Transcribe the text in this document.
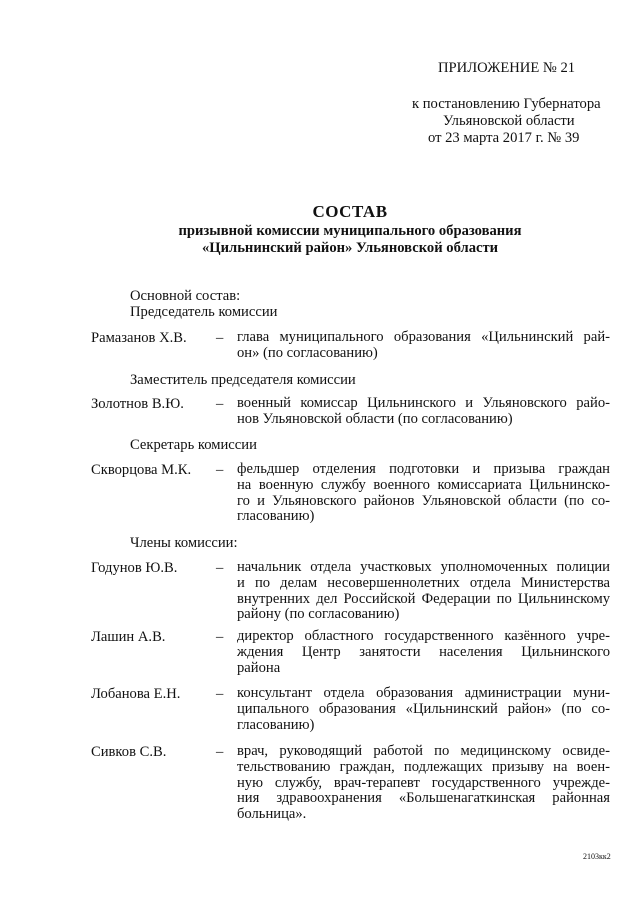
ПРИЛОЖЕНИЕ № 21
к постановлению Губернатора
Ульяновской области
от 23 марта 2017 г. № 39
СОСТАВ
призывной комиссии муниципального образования
«Цильнинский район» Ульяновской области
Основной состав:
Председатель комиссии
Рамазанов Х.В. – глава муниципального образования «Цильнинский рай-
он» (по согласованию)
Заместитель председателя комиссии
Золотнов В.Ю. – военный комиссар Цильнинского и Ульяновского райо-
нов Ульяновской области (по согласованию)
Секретарь комиссии
Скворцова М.К. – фельдшер отделения подготовки и призыва граждан
на военную службу военного комиссариата Цильнинско-
го и Ульяновского районов Ульяновской области (по со-
гласованию)
Члены комиссии:
Годунов Ю.В.	– начальник отдела участковых уполномоченных полиции
и по делам несовершеннолетних отдела Министерства
внутренних дел Российской Федерации по Цильнинскому
району (по согласованию)
Лашин А.В.	– директор областного государственного казённого учре-
ждения Центр занятости населения Цильнинского
района
Лобанова Е.Н. – консультант отдела образования администрации муни-
ципального образования «Цильнинский район» (по со-
гласованию)
Сивков С.В.	– врач, руководящий работой по медицинскому освиде-
тельствованию граждан, подлежащих призыву на воен-
ную службу, врач-терапевт государственного учрежде-
ния здравоохранения «Большенагаткинская районная
больница».
2103кк2
